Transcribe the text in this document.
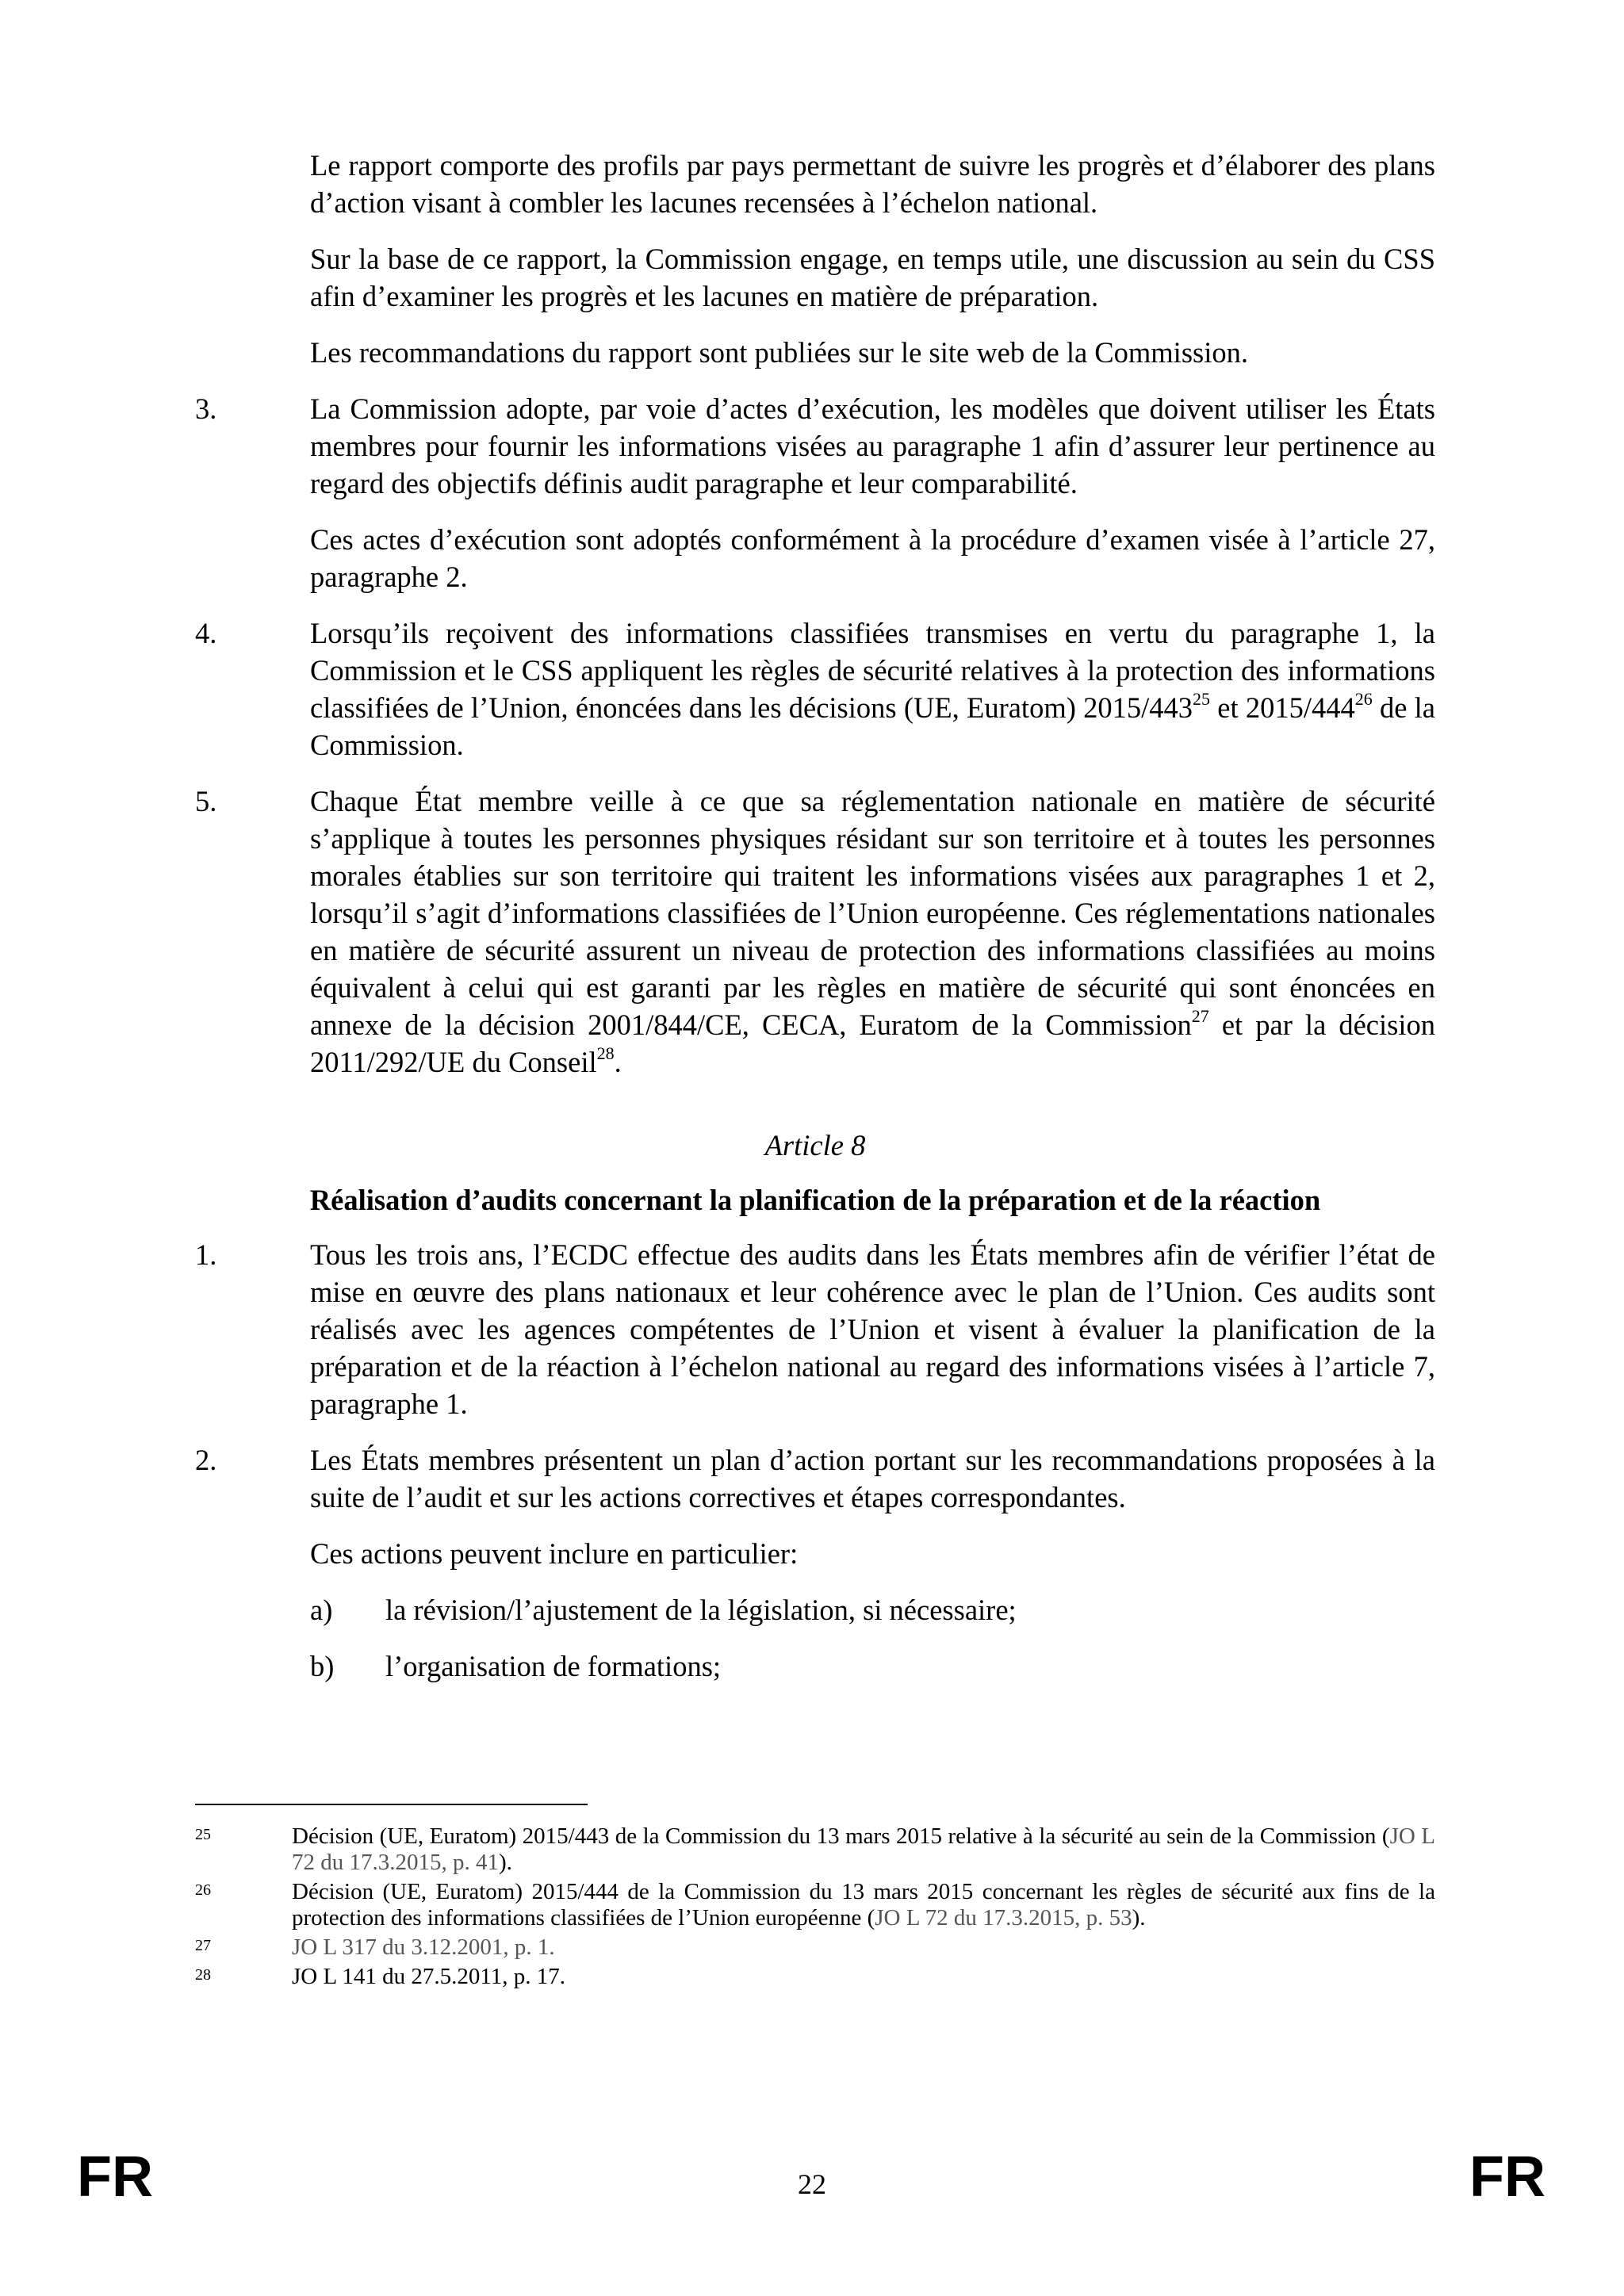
Le rapport comporte des profils par pays permettant de suivre les progrès et d’élaborer des plans d’action visant à combler les lacunes recensées à l’échelon national.

Sur la base de ce rapport, la Commission engage, en temps utile, une discussion au sein du CSS afin d’examiner les progrès et les lacunes en matière de préparation.

Les recommandations du rapport sont publiées sur le site web de la Commission.

3.	La Commission adopte, par voie d’actes d’exécution, les modèles que doivent utiliser les États membres pour fournir les informations visées au paragraphe 1 afin d’assurer leur pertinence au regard des objectifs définis audit paragraphe et leur comparabilité.

Ces actes d’exécution sont adoptés conformément à la procédure d’examen visée à l’article 27, paragraphe 2.

4.	Lorsqu’ils reçoivent des informations classifiées transmises en vertu du paragraphe 1, la Commission et le CSS appliquent les règles de sécurité relatives à la protection des informations classifiées de l’Union, énoncées dans les décisions (UE, Euratom) $2015/443^{25}$ et $2015/444^{26}$ de la Commission.

5.	Chaque État membre veille à ce que sa réglementation nationale en matière de sécurité s’applique à toutes les personnes physiques résidant sur son territoire et à toutes les personnes morales établies sur son territoire qui traitent les informations visées aux paragraphes 1 et 2, lorsqu’il s’agit d’informations classifiées de l’Union européenne. Ces réglementations nationales en matière de sécurité assurent un niveau de protection des informations classifiées au moins équivalent à celui qui est garanti par les règles en matière de sécurité qui sont énoncées en annexe de la décision 2001/844/CE, CECA, Euratom de la Commission$^{27}$ et par la décision 2011/292/UE du Conseil$^{28}$.

Article 8

Réalisation d’audits concernant la planification de la préparation et de la réaction

1.	Tous les trois ans, l’ECDC effectue des audits dans les États membres afin de vérifier l’état de mise en œuvre des plans nationaux et leur cohérence avec le plan de l’Union. Ces audits sont réalisés avec les agences compétentes de l’Union et visent à évaluer la planification de la préparation et de la réaction à l’échelon national au regard des informations visées à l’article 7, paragraphe 1.

2.	Les États membres présentent un plan d’action portant sur les recommandations proposées à la suite de l’audit et sur les actions correctives et étapes correspondantes.

Ces actions peuvent inclure en particulier:

a)	la révision/l’ajustement de la législation, si nécessaire;

b)	l’organisation de formations;

25	Décision (UE, Euratom) 2015/443 de la Commission du 13 mars 2015 relative à la sécurité au sein de la Commission (JO L 72 du 17.3.2015, p. 41).
26	Décision (UE, Euratom) 2015/444 de la Commission du 13 mars 2015 concernant les règles de sécurité aux fins de la protection des informations classifiées de l’Union européenne (JO L 72 du 17.3.2015, p. 53).
27	JO L 317 du 3.12.2001, p. 1.
28	JO L 141 du 27.5.2011, p. 17.
FR	22	FR
